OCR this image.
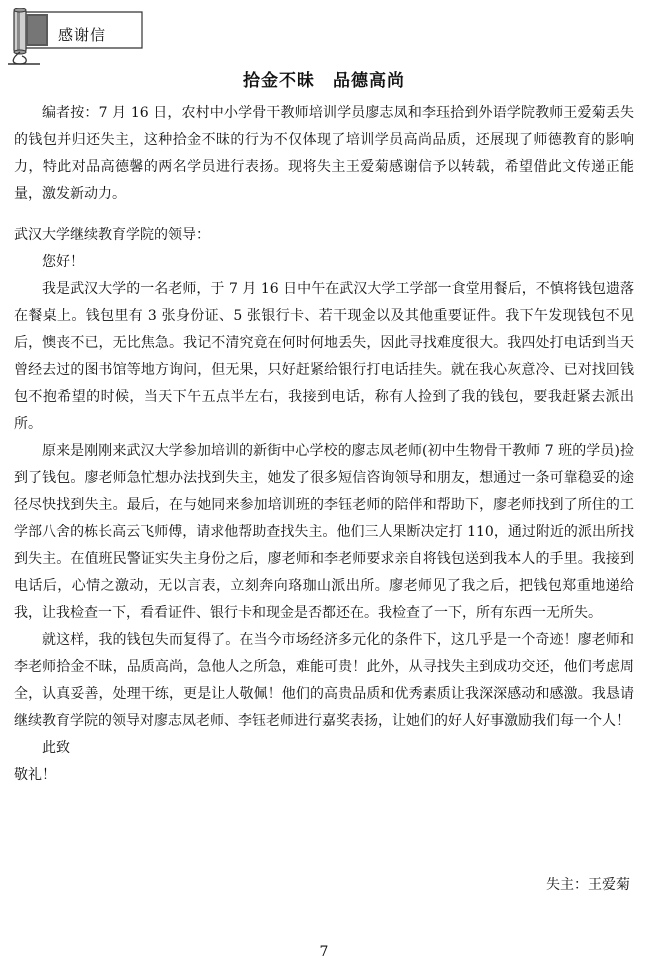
感谢信
拾金不昧　品德高尚

编者按：7 月 16 日，农村中小学骨干教师培训学员廖志凤和李珏拾到外语学院教师王爱菊丢失的钱包并归还失主，这种拾金不昧的行为不仅体现了培训学员高尚品质，还展现了师德教育的影响力，特此对品高德馨的两名学员进行表扬。现将失主王爱菊感谢信予以转载，希望借此文传递正能量，激发新动力。

武汉大学继续教育学院的领导：

您好！

我是武汉大学的一名老师，于 7 月 16 日中午在武汉大学工学部一食堂用餐后，不慎将钱包遗落在餐桌上。钱包里有 3 张身份证、5 张银行卡、若干现金以及其他重要证件。我下午发现钱包不见后，懊丧不已，无比焦急。我记不清究竟在何时何地丢失，因此寻找难度很大。我四处打电话到当天曾经去过的图书馆等地方询问，但无果，只好赶紧给银行打电话挂失。就在我心灰意冷、已对找回钱包不抱希望的时候，当天下午五点半左右，我接到电话，称有人捡到了我的钱包，要我赶紧去派出所。

原来是刚刚来武汉大学参加培训的新街中心学校的廖志凤老师(初中生物骨干教师 7 班的学员)捡到了钱包。廖老师急忙想办法找到失主，她发了很多短信咨询领导和朋友，想通过一条可靠稳妥的途径尽快找到失主。最后，在与她同来参加培训班的李钰老师的陪伴和帮助下，廖老师找到了所住的工学部八舍的栋长高云飞师傅，请求他帮助查找失主。他们三人果断决定打 110，通过附近的派出所找到失主。在值班民警证实失主身份之后，廖老师和李老师要求亲自将钱包送到我本人的手里。我接到电话后，心情之激动，无以言表，立刻奔向珞珈山派出所。廖老师见了我之后，把钱包郑重地递给我，让我检查一下，看看证件、银行卡和现金是否都还在。我检查了一下，所有东西一无所失。

就这样，我的钱包失而复得了。在当今市场经济多元化的条件下，这几乎是一个奇迹！廖老师和李老师拾金不昧，品质高尚，急他人之所急，难能可贵！此外，从寻找失主到成功交还，他们考虑周全，认真妥善，处理干练，更是让人敬佩！他们的高贵品质和优秀素质让我深深感动和感激。我恳请继续教育学院的领导对廖志凤老师、李钰老师进行嘉奖表扬，让她们的好人好事激励我们每一个人！

此致

敬礼！

失主：王爱菊
7
